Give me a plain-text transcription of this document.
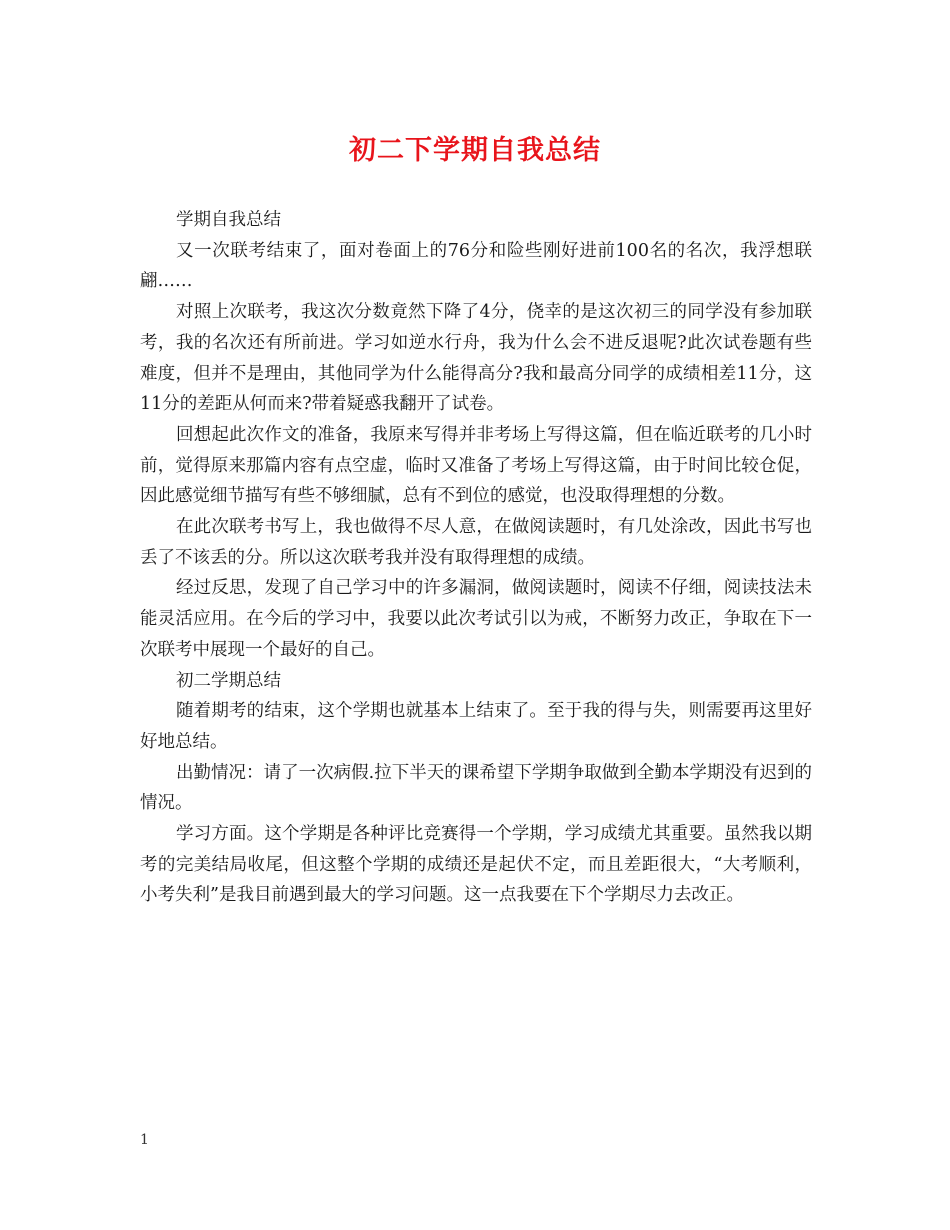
初二下学期自我总结

学期自我总结

又一次联考结束了，面对卷面上的76分和险些刚好进前100名的名次，我浮想联翩……

对照上次联考，我这次分数竟然下降了4分，侥幸的是这次初三的同学没有参加联考，我的名次还有所前进。学习如逆水行舟，我为什么会不进反退呢?此次试卷题有些难度，但并不是理由，其他同学为什么能得高分?我和最高分同学的成绩相差11分，这11分的差距从何而来?带着疑惑我翻开了试卷。

回想起此次作文的准备，我原来写得并非考场上写得这篇，但在临近联考的几小时前，觉得原来那篇内容有点空虚，临时又准备了考场上写得这篇，由于时间比较仓促，因此感觉细节描写有些不够细腻，总有不到位的感觉，也没取得理想的分数。

在此次联考书写上，我也做得不尽人意，在做阅读题时，有几处涂改，因此书写也丢了不该丢的分。所以这次联考我并没有取得理想的成绩。

经过反思，发现了自己学习中的许多漏洞，做阅读题时，阅读不仔细，阅读技法未能灵活应用。在今后的学习中，我要以此次考试引以为戒，不断努力改正，争取在下一次联考中展现一个最好的自己。

初二学期总结

随着期考的结束，这个学期也就基本上结束了。至于我的得与失，则需要再这里好好地总结。

出勤情况：请了一次病假.拉下半天的课希望下学期争取做到全勤本学期没有迟到的情况。

学习方面。这个学期是各种评比竞赛得一个学期，学习成绩尤其重要。虽然我以期考的完美结局收尾，但这整个学期的成绩还是起伏不定，而且差距很大，“大考顺利，小考失利”是我目前遇到最大的学习问题。这一点我要在下个学期尽力去改正。

1
